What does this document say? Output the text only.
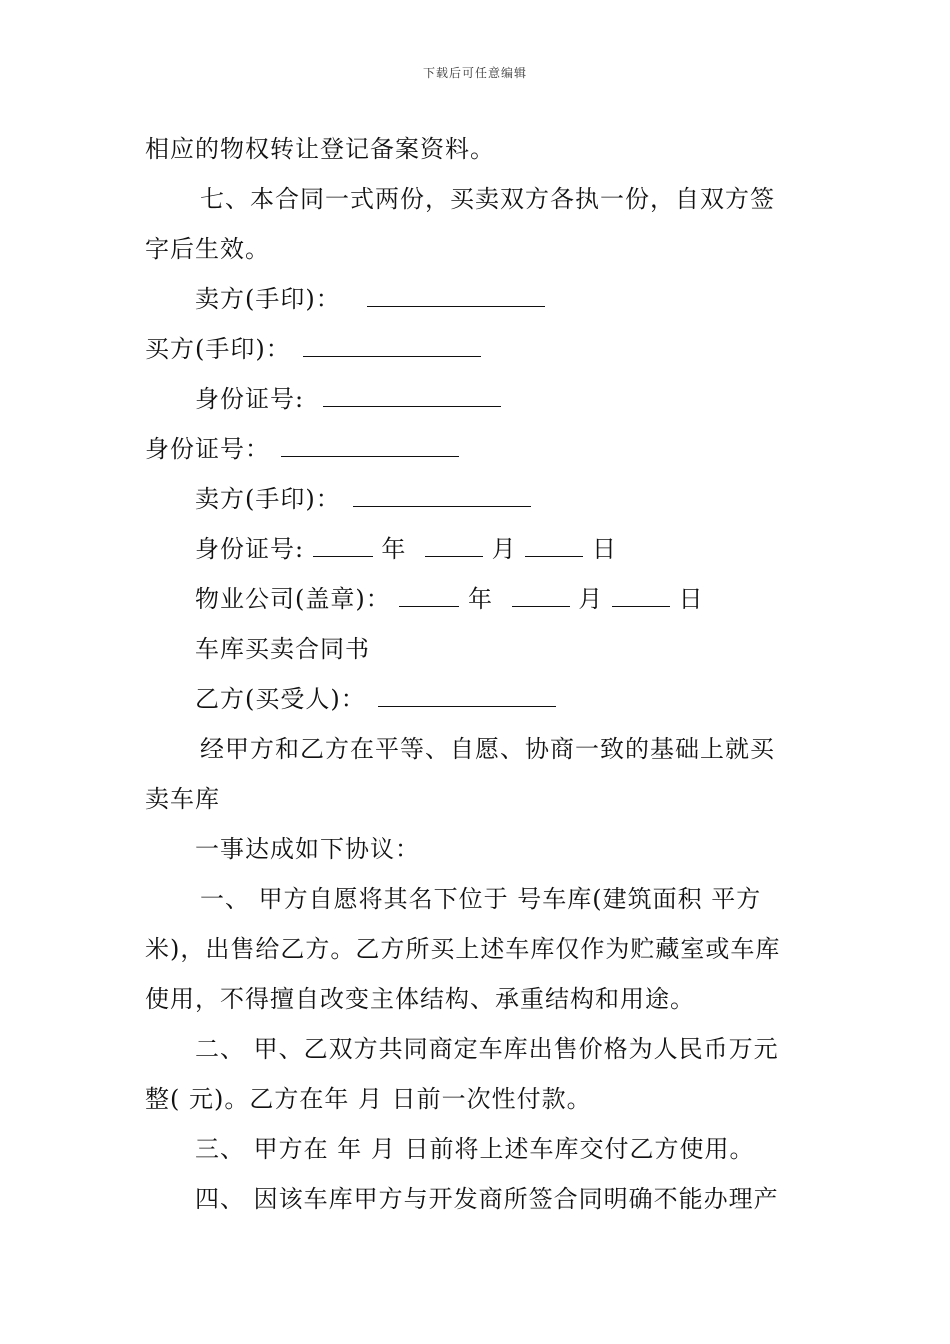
下载后可任意编辑
相应的物权转让登记备案资料。
七、本合同一式两份，买卖双方各执一份，自双方签
字后生效。
卖方(手印)：
买方(手印)：
身份证号:
身份证号：
卖方(手印)：
身份证号:	年	月	日
物业公司(盖章)：	年	月	日
车库买卖合同书
乙方(买受人)：
经甲方和乙方在平等、自愿、协商一致的基础上就买
卖车库
一事达成如下协议：
一、 甲方自愿将其名下位于 号车库(建筑面积 平方
米)，出售给乙方。乙方所买上述车库仅作为贮藏室或车库
使用，不得擅自改变主体结构、承重结构和用途。
二、 甲、乙双方共同商定车库出售价格为人民币万元
整( 元)。乙方在年 月 日前一次性付款。
三、 甲方在 年 月 日前将上述车库交付乙方使用。
四、 因该车库甲方与开发商所签合同明确不能办理产
